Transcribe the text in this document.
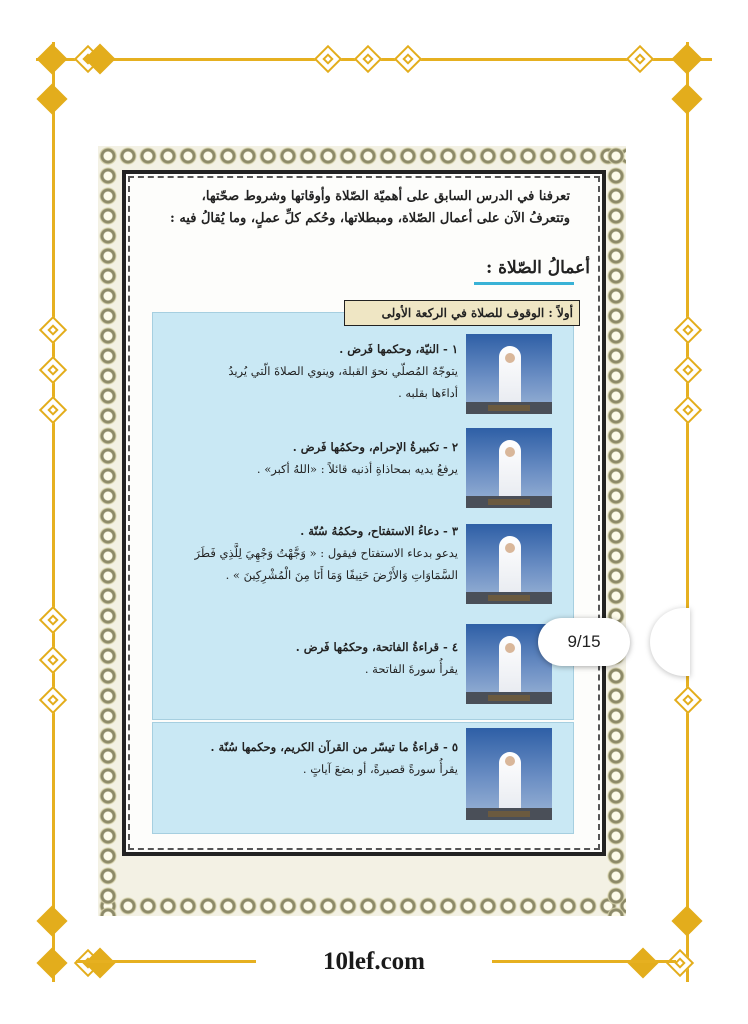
تعرفنا في الدرس السابق على أهميّة الصّلاة وأوقاتها وشروط صحّتها،
وتتعرفُ الآن على أعمال الصّلاة، ومبطلاتها، وحُكم كلِّ عملٍ، وما يُقالُ فيه :
أعمالُ الصّلاة :
أولاً : الوقوف للصلاة في الركعة الأولى
١ - النيّة، وحكمها فَرض .
يتوجّهُ المُصلّي نحوَ القبلة، وينوي الصلاةَ الّتي يُريدُ
أداءَها بقلبه .
٢ - تكبيرةُ الإحرام، وحكمُها فَرض .
يرفعُ يديه بمحاذاةِ أذنيه قائلاً : «اللهُ أكبر» .
٣ - دعاءُ الاستفتاح، وحكمُهُ سُنّة .
يدعو بدعاء الاستفتاح فيقول : « وَجَّهْتُ وَجْهِيَ لِلَّذِي فَطَرَ
السَّمَاوَاتِ وَالأَرْضَ حَنِيفًا وَمَا أَنَا مِنَ الْمُشْرِكِينَ » .
٤ - قراءةُ الفاتحة، وحكمُها فَرض .
يقرأُ سورةَ الفاتحة .
٥ - قراءةُ ما تيسّر من القرآن الكريم، وحكمها سُنّة .
يقرأُ سورةً قصيرةً، أو بضعَ آياتٍ .
9/15
10lef.com
